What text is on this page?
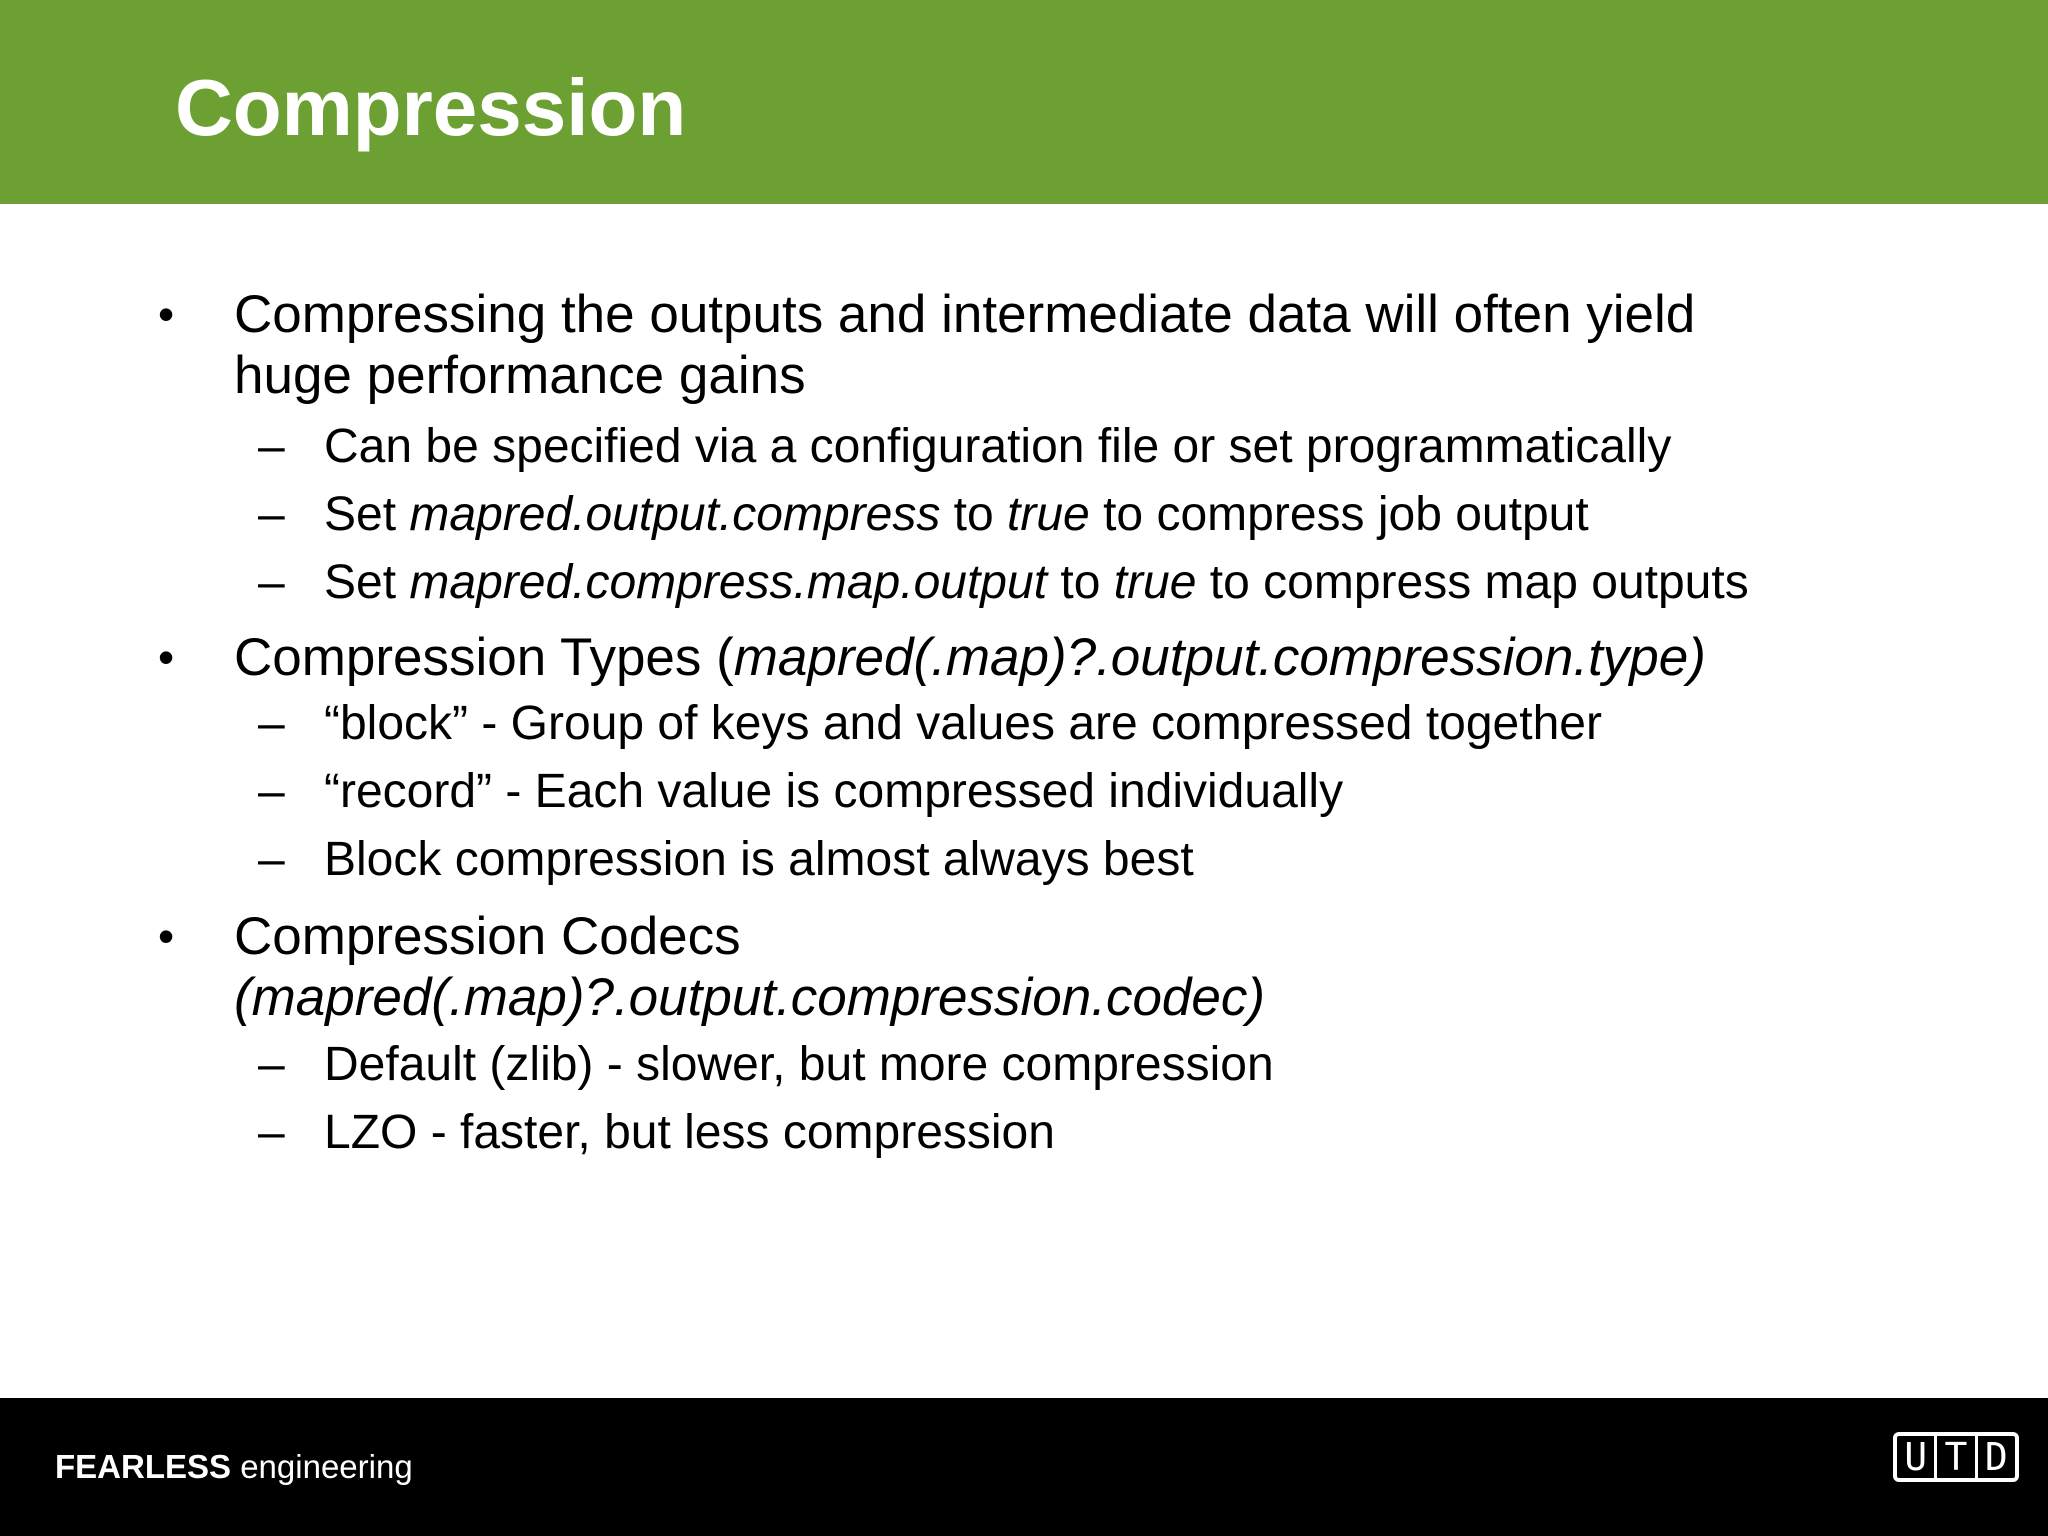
Compression
• Compressing the outputs and intermediate data will often yield
huge performance gains
– Can be specified via a configuration file or set programmatically
– Set mapred.output.compress to true to compress job output
– Set mapred.compress.map.output to true to compress map outputs
• Compression Types (mapred(.map)?.output.compression.type)
– “block” - Group of keys and values are compressed together
– “record” - Each value is compressed individually
– Block compression is almost always best
• Compression Codecs
(mapred(.map)?.output.compression.codec)
– Default (zlib) - slower, but more compression
– LZO - faster, but less compression
FEARLESS engineering	U T D
